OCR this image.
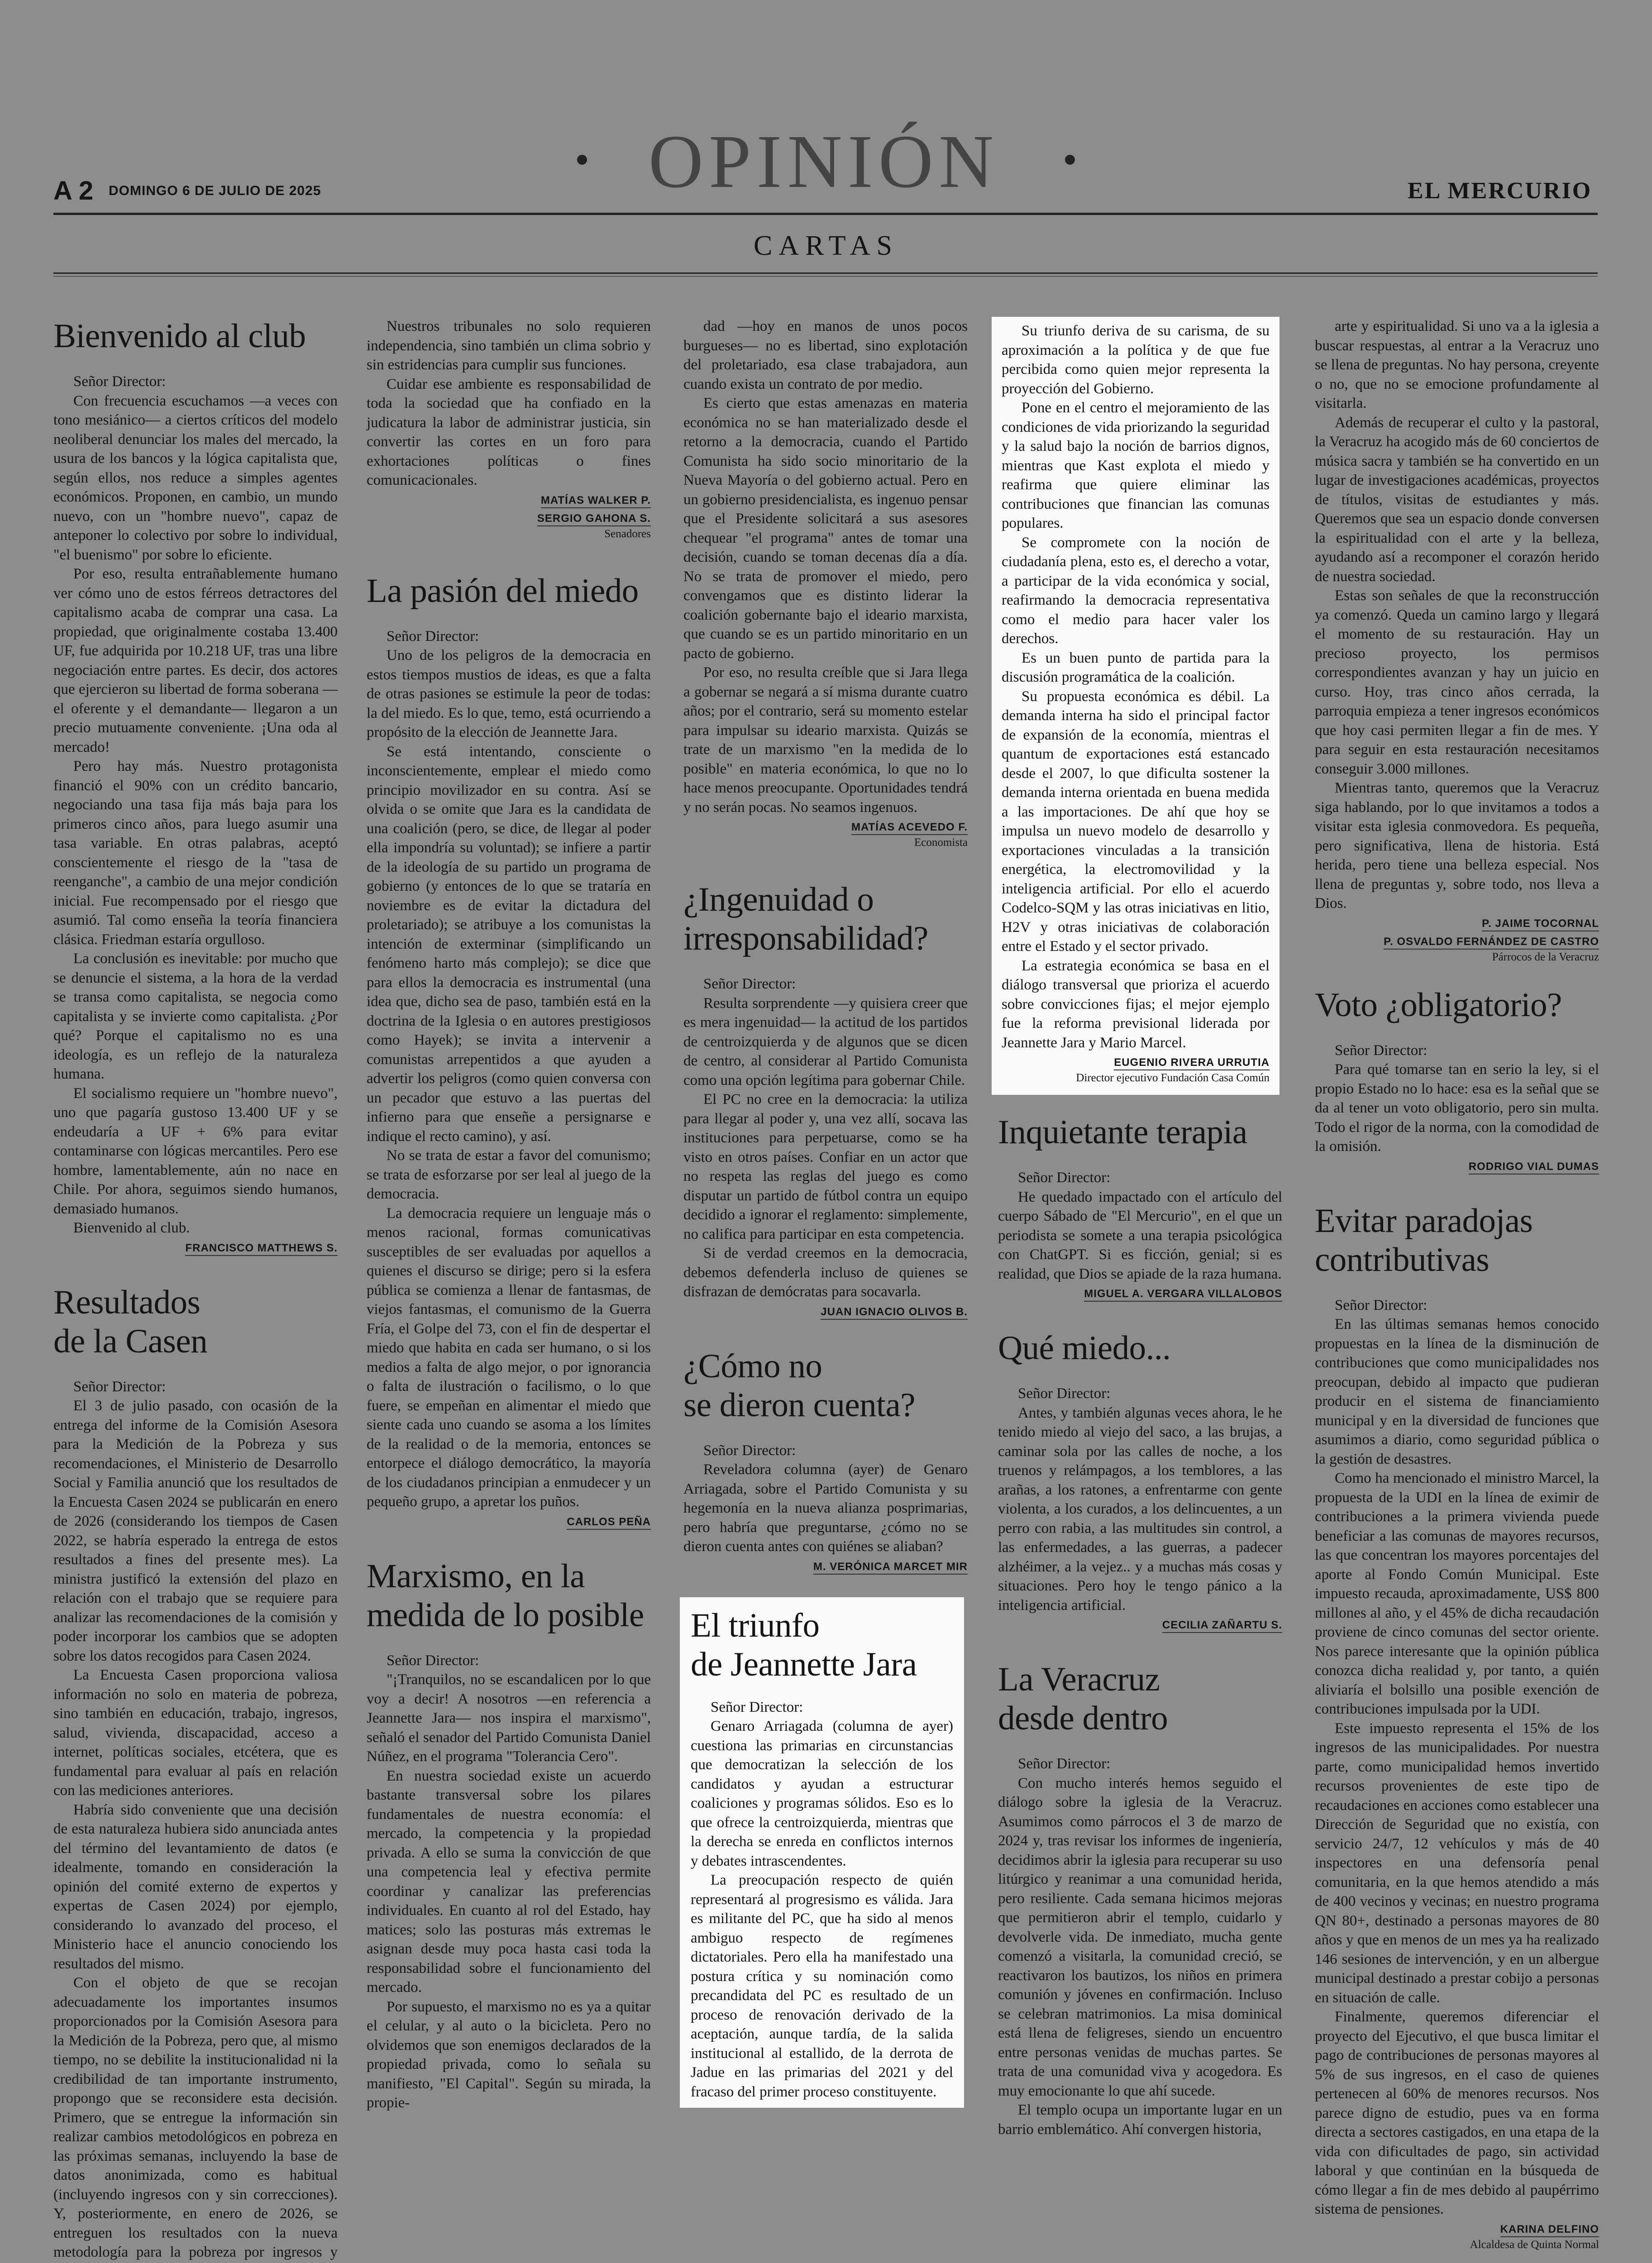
A 2 DOMINGO 6 DE JULIO DE 2025	OPINIÓN	EL MERCURIO
CARTAS
Bienvenido al club

Señor Director:

Con frecuencia escuchamos —a veces con tono mesiánico— a ciertos críticos del modelo neoliberal denunciar los males del mercado, la usura de los bancos y la lógica capitalista que, según ellos, nos reduce a simples agentes económicos. Proponen, en cambio, un mundo nuevo, con un "hombre nuevo", capaz de anteponer lo colectivo por sobre lo individual, "el buenismo" por sobre lo eficiente.

Por eso, resulta entrañablemente humano ver cómo uno de estos férreos detractores del capitalismo acaba de comprar una casa. La propiedad, que originalmente costaba 13.400 UF, fue adquirida por 10.218 UF, tras una libre negociación entre partes. Es decir, dos actores que ejercieron su libertad de forma soberana —el oferente y el demandante— llegaron a un precio mutuamente conveniente. ¡Una oda al mercado!

Pero hay más. Nuestro protagonista financió el 90% con un crédito bancario, negociando una tasa fija más baja para los primeros cinco años, para luego asumir una tasa variable. En otras palabras, aceptó conscientemente el riesgo de la "tasa de reenganche", a cambio de una mejor condición inicial. Fue recompensado por el riesgo que asumió. Tal como enseña la teoría financiera clásica. Friedman estaría orgulloso.

La conclusión es inevitable: por mucho que se denuncie el sistema, a la hora de la verdad se transa como capitalista, se negocia como capitalista y se invierte como capitalista. ¿Por qué? Porque el capitalismo no es una ideología, es un reflejo de la naturaleza humana.

El socialismo requiere un "hombre nuevo", uno que pagaría gustoso 13.400 UF y se endeudaría a UF + 6% para evitar contaminarse con lógicas mercantiles. Pero ese hombre, lamentablemente, aún no nace en Chile. Por ahora, seguimos siendo humanos, demasiado humanos.

Bienvenido al club.

FRANCISCO MATTHEWS S.
Resultados
de la Casen

Señor Director:

El 3 de julio pasado, con ocasión de la entrega del informe de la Comisión Asesora para la Medición de la Pobreza y sus recomendaciones, el Ministerio de Desarrollo Social y Familia anunció que los resultados de la Encuesta Casen 2024 se publicarán en enero de 2026 (considerando los tiempos de Casen 2022, se habría esperado la entrega de estos resultados a fines del presente mes). La ministra justificó la extensión del plazo en relación con el trabajo que se requiere para analizar las recomendaciones de la comisión y poder incorporar los cambios que se adopten sobre los datos recogidos para Casen 2024.

La Encuesta Casen proporciona valiosa información no solo en materia de pobreza, sino también en educación, trabajo, ingresos, salud, vivienda, discapacidad, acceso a internet, políticas sociales, etcétera, que es fundamental para evaluar al país en relación con las mediciones anteriores.

Habría sido conveniente que una decisión de esta naturaleza hubiera sido anunciada antes del término del levantamiento de datos (e idealmente, tomando en consideración la opinión del comité externo de expertos y expertas de Casen 2024) por ejemplo, considerando lo avanzado del proceso, el Ministerio hace el anuncio conociendo los resultados del mismo.

Con el objeto de que se recojan adecuadamente los importantes insumos proporcionados por la Comisión Asesora para la Medición de la Pobreza, pero que, al mismo tiempo, no se debilite la institucionalidad ni la credibilidad de tan importante instrumento, propongo que se reconsidere esta decisión. Primero, que se entregue la información sin realizar cambios metodológicos en pobreza en las próximas semanas, incluyendo la base de datos anonimizada, como es habitual (incluyendo ingresos con y sin correcciones). Y, posteriormente, en enero de 2026, se entreguen los resultados con la nueva metodología para la pobreza por ingresos y

Nuestros tribunales no solo requieren independencia, sino también un clima sobrio y sin estridencias para cumplir sus funciones.

Cuidar ese ambiente es responsabilidad de toda la sociedad que ha confiado en la judicatura la labor de administrar justicia, sin convertir las cortes en un foro para exhortaciones políticas o fines comunicacionales.

MATÍAS WALKER P.
SERGIO GAHONA S.
Senadores
La pasión del miedo

Señor Director:

Uno de los peligros de la democracia en estos tiempos mustios de ideas, es que a falta de otras pasiones se estimule la peor de todas: la del miedo. Es lo que, temo, está ocurriendo a propósito de la elección de Jeannette Jara.

Se está intentando, consciente o inconscientemente, emplear el miedo como principio movilizador en su contra. Así se olvida o se omite que Jara es la candidata de una coalición (pero, se dice, de llegar al poder ella impondría su voluntad); se infiere a partir de la ideología de su partido un programa de gobierno (y entonces de lo que se trataría en noviembre es de evitar la dictadura del proletariado); se atribuye a los comunistas la intención de exterminar (simplificando un fenómeno harto más complejo); se dice que para ellos la democracia es instrumental (una idea que, dicho sea de paso, también está en la doctrina de la Iglesia o en autores prestigiosos como Hayek); se invita a intervenir a comunistas arrepentidos a que ayuden a advertir los peligros (como quien conversa con un pecador que estuvo a las puertas del infierno para que enseñe a persignarse e indique el recto camino), y así.

No se trata de estar a favor del comunismo; se trata de esforzarse por ser leal al juego de la democracia.

La democracia requiere un lenguaje más o menos racional, formas comunicativas susceptibles de ser evaluadas por aquellos a quienes el discurso se dirige; pero si la esfera pública se comienza a llenar de fantasmas, de viejos fantasmas, el comunismo de la Guerra Fría, el Golpe del 73, con el fin de despertar el miedo que habita en cada ser humano, o si los medios a falta de algo mejor, o por ignorancia o falta de ilustración o facilismo, o lo que fuere, se empeñan en alimentar el miedo que siente cada uno cuando se asoma a los límites de la realidad o de la memoria, entonces se entorpece el diálogo democrático, la mayoría de los ciudadanos principian a enmudecer y un pequeño grupo, a apretar los puños.

CARLOS PEÑA
Marxismo, en la
medida de lo posible

Señor Director:

"¡Tranquilos, no se escandalicen por lo que voy a decir! A nosotros —en referencia a Jeannette Jara— nos inspira el marxismo", señaló el senador del Partido Comunista Daniel Núñez, en el programa "Tolerancia Cero".

En nuestra sociedad existe un acuerdo bastante transversal sobre los pilares fundamentales de nuestra economía: el mercado, la competencia y la propiedad privada. A ello se suma la convicción de que una competencia leal y efectiva permite coordinar y canalizar las preferencias individuales. En cuanto al rol del Estado, hay matices; solo las posturas más extremas le asignan desde muy poca hasta casi toda la responsabilidad sobre el funcionamiento del mercado.

Por supuesto, el marxismo no es ya a quitar el celular, y al auto o la bicicleta. Pero no olvidemos que son enemigos declarados de la propiedad privada, como lo señala su manifiesto, "El Capital". Según su mirada, la propie-

dad —hoy en manos de unos pocos burgueses— no es libertad, sino explotación del proletariado, esa clase trabajadora, aun cuando exista un contrato de por medio.

Es cierto que estas amenazas en materia económica no se han materializado desde el retorno a la democracia, cuando el Partido Comunista ha sido socio minoritario de la Nueva Mayoría o del gobierno actual. Pero en un gobierno presidencialista, es ingenuo pensar que el Presidente solicitará a sus asesores chequear "el programa" antes de tomar una decisión, cuando se toman decenas día a día. No se trata de promover el miedo, pero convengamos que es distinto liderar la coalición gobernante bajo el ideario marxista, que cuando se es un partido minoritario en un pacto de gobierno.

Por eso, no resulta creíble que si Jara llega a gobernar se negará a sí misma durante cuatro años; por el contrario, será su momento estelar para impulsar su ideario marxista. Quizás se trate de un marxismo "en la medida de lo posible" en materia económica, lo que no lo hace menos preocupante. Oportunidades tendrá y no serán pocas. No seamos ingenuos.

MATÍAS ACEVEDO F.
Economista
¿Ingenuidad o
irresponsabilidad?

Señor Director:

Resulta sorprendente —y quisiera creer que es mera ingenuidad— la actitud de los partidos de centroizquierda y de algunos que se dicen de centro, al considerar al Partido Comunista como una opción legítima para gobernar Chile.

El PC no cree en la democracia: la utiliza para llegar al poder y, una vez allí, socava las instituciones para perpetuarse, como se ha visto en otros países. Confiar en un actor que no respeta las reglas del juego es como disputar un partido de fútbol contra un equipo decidido a ignorar el reglamento: simplemente, no califica para participar en esta competencia.

Si de verdad creemos en la democracia, debemos defenderla incluso de quienes se disfrazan de demócratas para socavarla.

JUAN IGNACIO OLIVOS B.
¿Cómo no
se dieron cuenta?

Señor Director:

Reveladora columna (ayer) de Genaro Arriagada, sobre el Partido Comunista y su hegemonía en la nueva alianza posprimarias, pero habría que preguntarse, ¿cómo no se dieron cuenta antes con quiénes se aliaban?

M. VERÓNICA MARCET MIR
El triunfo
de Jeannette Jara

Señor Director:

Genaro Arriagada (columna de ayer) cuestiona las primarias en circunstancias que democratizan la selección de los candidatos y ayudan a estructurar coaliciones y programas sólidos. Eso es lo que ofrece la centroizquierda, mientras que la derecha se enreda en conflictos internos y debates intrascendentes.

La preocupación respecto de quién representará al progresismo es válida. Jara es militante del PC, que ha sido al menos ambiguo respecto de regímenes dictatoriales. Pero ella ha manifestado una postura crítica y su nominación como precandidata del PC es resultado de un proceso de renovación derivado de la aceptación, aunque tardía, de la salida institucional al estallido, de la derrota de Jadue en las primarias del 2021 y del fracaso del primer proceso constituyente.

Su triunfo deriva de su carisma, de su aproximación a la política y de que fue percibida como quien mejor representa la proyección del Gobierno.

Pone en el centro el mejoramiento de las condiciones de vida priorizando la seguridad y la salud bajo la noción de barrios dignos, mientras que Kast explota el miedo y reafirma que quiere eliminar las contribuciones que financian las comunas populares.

Se compromete con la noción de ciudadanía plena, esto es, el derecho a votar, a participar de la vida económica y social, reafirmando la democracia representativa como el medio para hacer valer los derechos.

Es un buen punto de partida para la discusión programática de la coalición.

Su propuesta económica es débil. La demanda interna ha sido el principal factor de expansión de la economía, mientras el quantum de exportaciones está estancado desde el 2007, lo que dificulta sostener la demanda interna orientada en buena medida a las importaciones. De ahí que hoy se impulsa un nuevo modelo de desarrollo y exportaciones vinculadas a la transición energética, la electromovilidad y la inteligencia artificial. Por ello el acuerdo Codelco-SQM y las otras iniciativas en litio, H2V y otras iniciativas de colaboración entre el Estado y el sector privado.

La estrategia económica se basa en el diálogo transversal que prioriza el acuerdo sobre convicciones fijas; el mejor ejemplo fue la reforma previsional liderada por Jeannette Jara y Mario Marcel.

EUGENIO RIVERA URRUTIA
Director ejecutivo Fundación Casa Común
Inquietante terapia

Señor Director:

He quedado impactado con el artículo del cuerpo Sábado de "El Mercurio", en el que un periodista se somete a una terapia psicológica con ChatGPT. Si es ficción, genial; si es realidad, que Dios se apiade de la raza humana.

MIGUEL A. VERGARA VILLALOBOS
Qué miedo...

Señor Director:

Antes, y también algunas veces ahora, le he tenido miedo al viejo del saco, a las brujas, a caminar sola por las calles de noche, a los truenos y relámpagos, a los temblores, a las arañas, a los ratones, a enfrentarme con gente violenta, a los curados, a los delincuentes, a un perro con rabia, a las multitudes sin control, a las enfermedades, a las guerras, a padecer alzhéimer, a la vejez.. y a muchas más cosas y situaciones. Pero hoy le tengo pánico a la inteligencia artificial.

CECILIA ZAÑARTU S.
La Veracruz
desde dentro

Señor Director:

Con mucho interés hemos seguido el diálogo sobre la iglesia de la Veracruz. Asumimos como párrocos el 3 de marzo de 2024 y, tras revisar los informes de ingeniería, decidimos abrir la iglesia para recuperar su uso litúrgico y reanimar a una comunidad herida, pero resiliente. Cada semana hicimos mejoras que permitieron abrir el templo, cuidarlo y devolverle vida. De inmediato, mucha gente comenzó a visitarla, la comunidad creció, se reactivaron los bautizos, los niños en primera comunión y jóvenes en confirmación. Incluso se celebran matrimonios. La misa dominical está llena de feligreses, siendo un encuentro entre personas venidas de muchas partes. Se trata de una comunidad viva y acogedora. Es muy emocionante lo que ahí sucede.

El templo ocupa un importante lugar en un barrio emblemático. Ahí convergen historia,

arte y espiritualidad. Si uno va a la iglesia a buscar respuestas, al entrar a la Veracruz uno se llena de preguntas. No hay persona, creyente o no, que no se emocione profundamente al visitarla.

Además de recuperar el culto y la pastoral, la Veracruz ha acogido más de 60 conciertos de música sacra y también se ha convertido en un lugar de investigaciones académicas, proyectos de títulos, visitas de estudiantes y más. Queremos que sea un espacio donde conversen la espiritualidad con el arte y la belleza, ayudando así a recomponer el corazón herido de nuestra sociedad.

Estas son señales de que la reconstrucción ya comenzó. Queda un camino largo y llegará el momento de su restauración. Hay un precioso proyecto, los permisos correspondientes avanzan y hay un juicio en curso. Hoy, tras cinco años cerrada, la parroquia empieza a tener ingresos económicos que hoy casi permiten llegar a fin de mes. Y para seguir en esta restauración necesitamos conseguir 3.000 millones.

Mientras tanto, queremos que la Veracruz siga hablando, por lo que invitamos a todos a visitar esta iglesia conmovedora. Es pequeña, pero significativa, llena de historia. Está herida, pero tiene una belleza especial. Nos llena de preguntas y, sobre todo, nos lleva a Dios.

P. JAIME TOCORNAL
P. OSVALDO FERNÁNDEZ DE CASTRO
Párrocos de la Veracruz
Voto ¿obligatorio?

Señor Director:

Para qué tomarse tan en serio la ley, si el propio Estado no lo hace: esa es la señal que se da al tener un voto obligatorio, pero sin multa. Todo el rigor de la norma, con la comodidad de la omisión.

RODRIGO VIAL DUMAS
Evitar paradojas
contributivas

Señor Director:

En las últimas semanas hemos conocido propuestas en la línea de la disminución de contribuciones que como municipalidades nos preocupan, debido al impacto que pudieran producir en el sistema de financiamiento municipal y en la diversidad de funciones que asumimos a diario, como seguridad pública o la gestión de desastres.

Como ha mencionado el ministro Marcel, la propuesta de la UDI en la línea de eximir de contribuciones a la primera vivienda puede beneficiar a las comunas de mayores recursos, las que concentran los mayores porcentajes del aporte al Fondo Común Municipal. Este impuesto recauda, aproximadamente, US$ 800 millones al año, y el 45% de dicha recaudación proviene de cinco comunas del sector oriente. Nos parece interesante que la opinión pública conozca dicha realidad y, por tanto, a quién aliviaría el bolsillo una posible exención de contribuciones impulsada por la UDI.

Este impuesto representa el 15% de los ingresos de las municipalidades. Por nuestra parte, como municipalidad hemos invertido recursos provenientes de este tipo de recaudaciones en acciones como establecer una Dirección de Seguridad que no existía, con servicio 24/7, 12 vehículos y más de 40 inspectores en una defensoría penal comunitaria, en la que hemos atendido a más de 400 vecinos y vecinas; en nuestro programa QN 80+, destinado a personas mayores de 80 años y que en menos de un mes ya ha realizado 146 sesiones de intervención, y en un albergue municipal destinado a prestar cobijo a personas en situación de calle.

Finalmente, queremos diferenciar el proyecto del Ejecutivo, el que busca limitar el pago de contribuciones de personas mayores al 5% de sus ingresos, en el caso de quienes pertenecen al 60% de menores recursos. Nos parece digno de estudio, pues va en forma directa a sectores castigados, en una etapa de la vida con dificultades de pago, sin actividad laboral y que continúan en la búsqueda de cómo llegar a fin de mes debido al paupérrimo sistema de pensiones.

KARINA DELFINO
Alcaldesa de Quinta Normal
